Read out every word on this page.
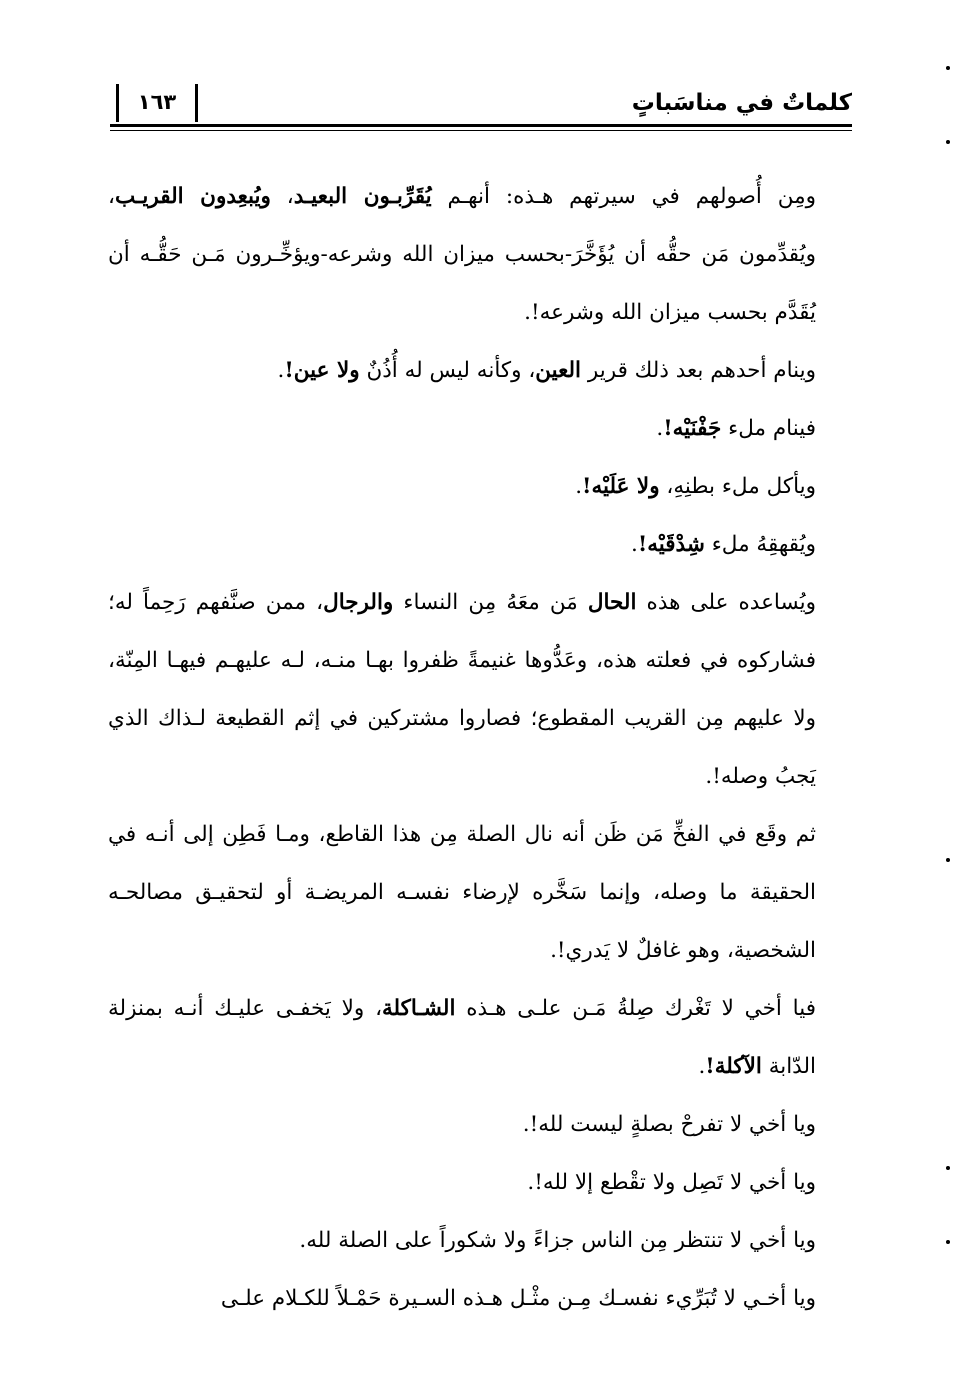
كلماتٌ في مناسَباتٍ
١٦٣

ومِن أُصولهم في سيرتهم هـذه: أنهـم يُقَرِّبـون البعيـد، ويُبعِدون القريـب، ويُقدِّمون مَن حقُّه أن يُؤَخَّرَ-بحسب ميزان الله وشرعه-ويؤخِّـرون مَـن حَقُّـه أن يُقَدَّم بحسب ميزان الله وشرعه!.

وينام أحدهم بعد ذلك قرير العين، وكأنه ليس له أُذُنٌ ولا عين!.

فينام ملء جَفْنَيْه!.

ويأكل ملء بطنِهِ، ولا عَلَيْه!.

ويُقهقِهُ ملء شِدْقَيْه!.

ويُساعده على هذه الحال مَن معَهُ مِن النساء والرجال، ممن صنَّفهم رَحِماً له؛ فشاركوه في فعلته هذه، وعَدُّوها غنيمةً ظفروا بهـا منـه، لـه عليهـم فيهـا المِنّة، ولا عليهم مِن القريب المقطوع؛ فصاروا مشتركين في إثم القطيعة لـذاك الذي يَجبُ وصله!.

ثم وقَع في الفخِّ مَن ظَن أنه نال الصلة مِن هذا القاطع، ومـا فَطِن إلى أنـه في الحقيقة ما وصله، وإنما سَخَّره لإرضاء نفسـه المريضـة أو لتحقيـق مصالحـه الشخصية، وهو غافلٌ لا يَدري!.

فيا أخي لا تَغْرك صِلةُ مَـن علـى هـذه الشـاكلة، ولا يَخفـى عليـك أنـه بمنزلة الدّابة الآكلة!.

ويا أخي لا تفرحْ بصلةٍ ليست لله!.

ويا أخي لا تَصِل ولا تقْطع إلا لله!.

ويا أخي لا تنتظر مِن الناس جزاءً ولا شكوراً على الصلة لله.

ويا أخـي لا تُبَرِّيء نفسـك مِـن مثْـل هـذه السـيرة حَمْـلاً للكـلام علـى
